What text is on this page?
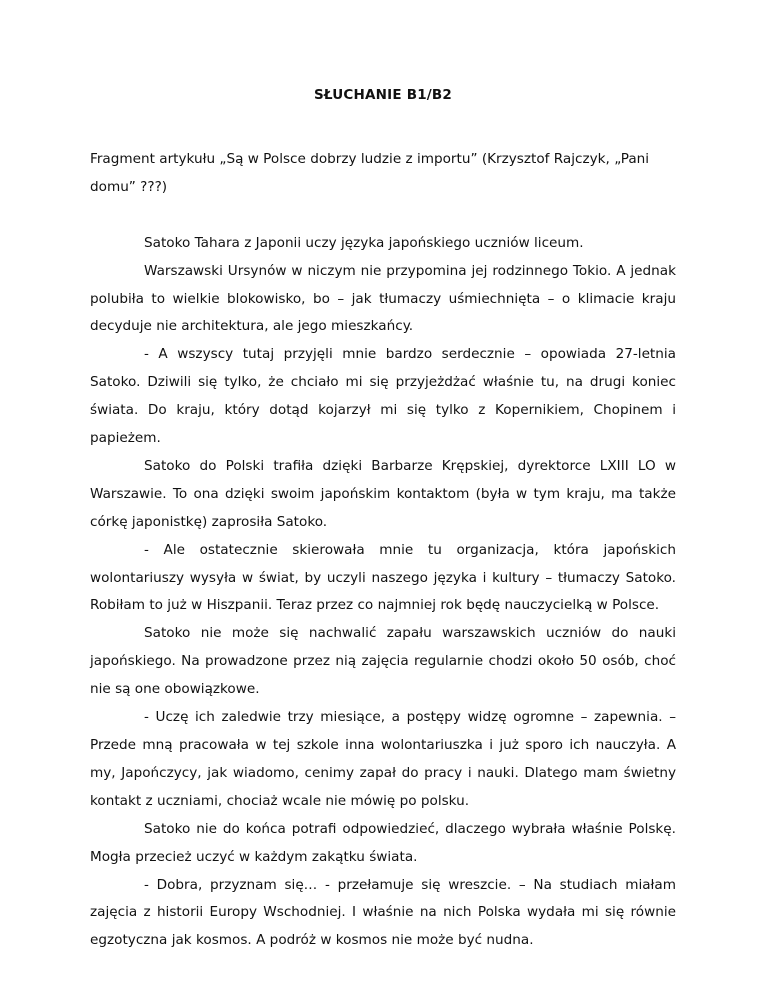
SŁUCHANIE B1/B2

Fragment artykułu „Są w Polsce dobrzy ludzie z importu” (Krzysztof Rajczyk, „Pani domu” ???)

Satoko Tahara z Japonii uczy języka japońskiego uczniów liceum.

Warszawski Ursynów w niczym nie przypomina jej rodzinnego Tokio. A jednak polubiła to wielkie blokowisko, bo – jak tłumaczy uśmiechnięta – o klimacie kraju decyduje nie architektura, ale jego mieszkańcy.

- A wszyscy tutaj przyjęli mnie bardzo serdecznie – opowiada 27-letnia Satoko. Dziwili się tylko, że chciało mi się przyjeżdżać właśnie tu, na drugi koniec świata. Do kraju, który dotąd kojarzył mi się tylko z Kopernikiem, Chopinem i papieżem.

Satoko do Polski trafiła dzięki Barbarze Krępskiej, dyrektorce LXIII LO w Warszawie. To ona dzięki swoim japońskim kontaktom (była w tym kraju, ma także córkę japonistkę) zaprosiła Satoko.

- Ale ostatecznie skierowała mnie tu organizacja, która japońskich wolontariuszy wysyła w świat, by uczyli naszego języka i kultury – tłumaczy Satoko. Robiłam to już w Hiszpanii. Teraz przez co najmniej rok będę nauczycielką w Polsce.

Satoko nie może się nachwalić zapału warszawskich uczniów do nauki japońskiego. Na prowadzone przez nią zajęcia regularnie chodzi około 50 osób, choć nie są one obowiązkowe.

- Uczę ich zaledwie trzy miesiące, a postępy widzę ogromne – zapewnia. – Przede mną pracowała w tej szkole inna wolontariuszka i już sporo ich nauczyła. A my, Japończycy, jak wiadomo, cenimy zapał do pracy i nauki. Dlatego mam świetny kontakt z uczniami, chociaż wcale nie mówię po polsku.

Satoko nie do końca potrafi odpowiedzieć, dlaczego wybrała właśnie Polskę. Mogła przecież uczyć w każdym zakątku świata.

- Dobra, przyznam się… - przełamuje się wreszcie. – Na studiach miałam zajęcia z historii Europy Wschodniej. I właśnie na nich Polska wydała mi się równie egzotyczna jak kosmos. A podróż w kosmos nie może być nudna.
